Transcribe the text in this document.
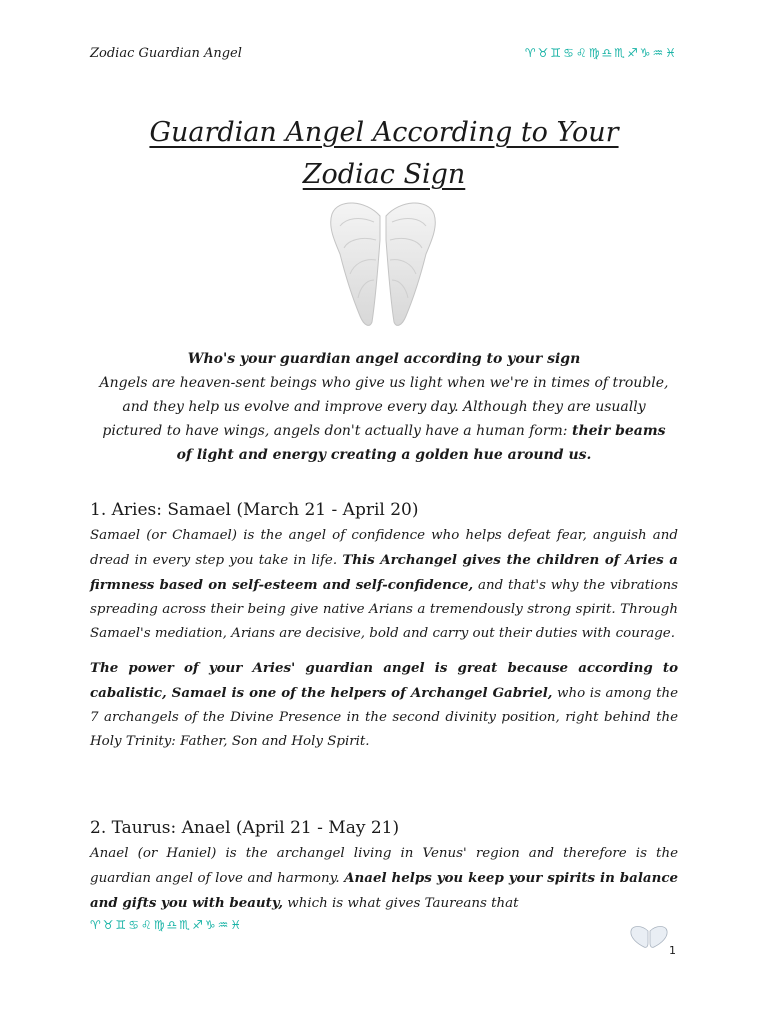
Zodiac Guardian Angel	♈♉♊♋♌♍♎♏♐♑♒♓
Guardian Angel According to Your
Zodiac Sign
Who's your guardian angel according to your sign
Angels are heaven-sent beings who give us light when we're in times of trouble, and they help us evolve and improve every day. Although they are usually pictured to have wings, angels don't actually have a human form: their beams of light and energy creating a golden hue around us.
1. Aries: Samael (March 21 - April 20)

Samael (or Chamael) is the angel of confidence who helps defeat fear, anguish and dread in every step you take in life. This Archangel gives the children of Aries a firmness based on self-esteem and self-confidence, and that's why the vibrations spreading across their being give native Arians a tremendously strong spirit. Through Samael's mediation, Arians are decisive, bold and carry out their duties with courage.

The power of your Aries' guardian angel is great because according to cabalistic, Samael is one of the helpers of Archangel Gabriel, who is among the 7 archangels of the Divine Presence in the second divinity position, right behind the Holy Trinity: Father, Son and Holy Spirit.

2. Taurus: Anael (April 21 - May 21)

Anael (or Haniel) is the archangel living in Venus' region and therefore is the guardian angel of love and harmony. Anael helps you keep your spirits in balance and gifts you with beauty, which is what gives Taureans that

♈♉♊♋♌♍♎♏♐♑♒♓
1
